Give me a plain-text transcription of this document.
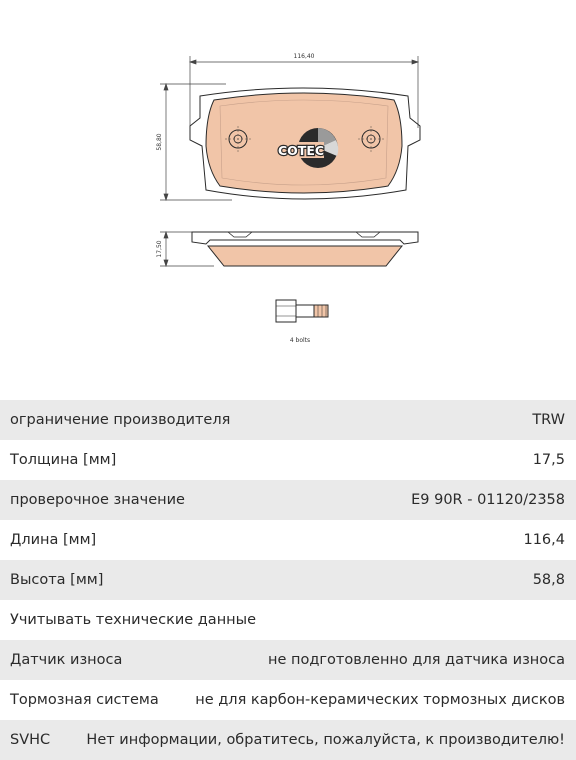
116,40
58,80	COTEC
17,50
4 bolts
ограничение производителя	TRW
Толщина [мм]	17,5
проверочное значение	E9 90R - 01120/2358
Длина [мм]	116,4
Высота [мм]	58,8
Учитывать технические данные
Датчик износа	не подготовленно для датчика износа
Тормозная система	не для карбон-керамических тормозных дисков
SVHC	Нет информации, обратитесь, пожалуйста, к производителю!
